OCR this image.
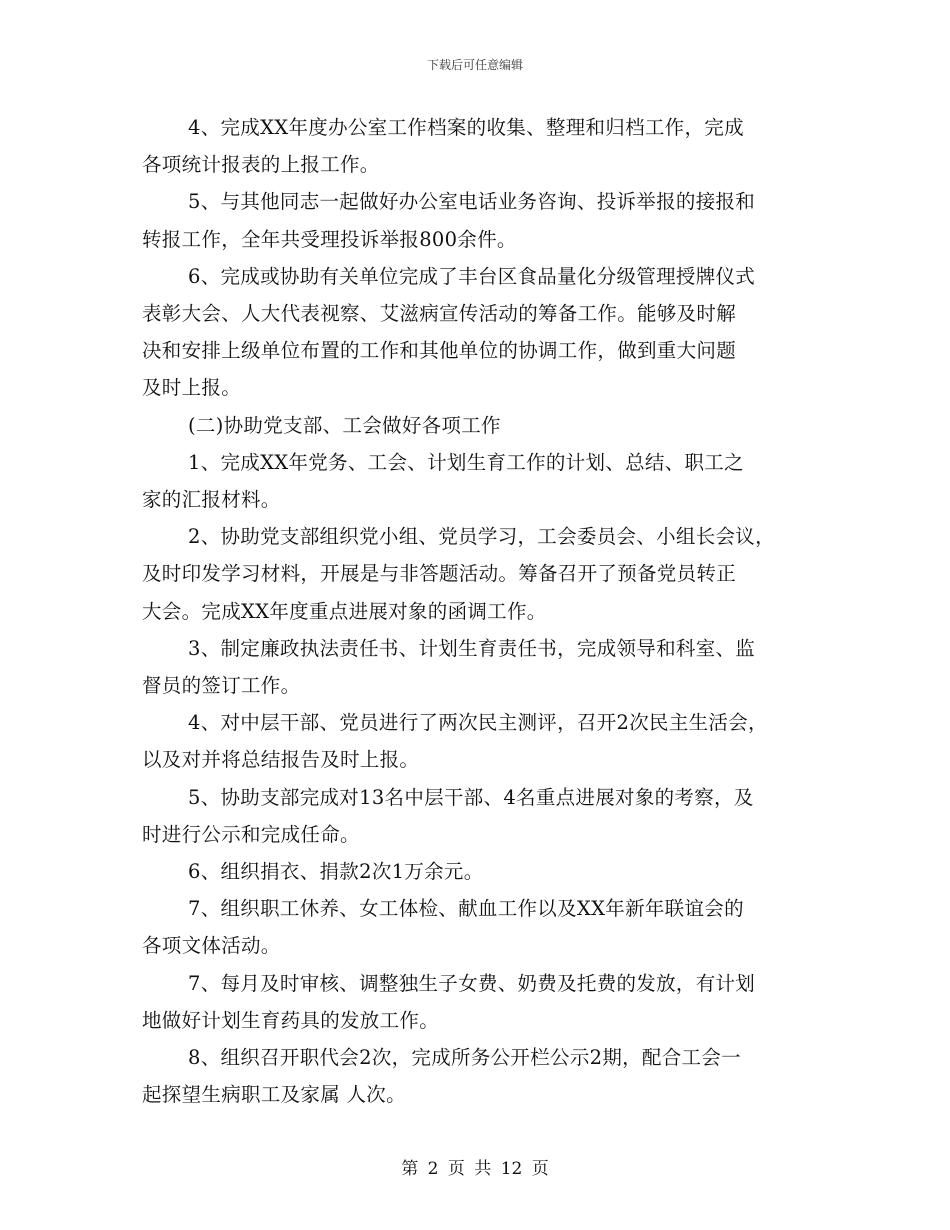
下载后可任意编辑
4、完成XX年度办公室工作档案的收集、整理和归档工作，完成
各项统计报表的上报工作。
5、与其他同志一起做好办公室电话业务咨询、投诉举报的接报和
转报工作，全年共受理投诉举报800余件。
6、完成或协助有关单位完成了丰台区食品量化分级管理授牌仪式
表彰大会、人大代表视察、艾滋病宣传活动的筹备工作。能够及时解
决和安排上级单位布置的工作和其他单位的协调工作，做到重大问题
及时上报。
(二)协助党支部、工会做好各项工作
1、完成XX年党务、工会、计划生育工作的计划、总结、职工之
家的汇报材料。
2、协助党支部组织党小组、党员学习，工会委员会、小组长会议，
及时印发学习材料，开展是与非答题活动。筹备召开了预备党员转正
大会。完成XX年度重点进展对象的函调工作。
3、制定廉政执法责任书、计划生育责任书，完成领导和科室、监
督员的签订工作。
4、对中层干部、党员进行了两次民主测评，召开2次民主生活会，
以及对并将总结报告及时上报。
5、协助支部完成对13名中层干部、4名重点进展对象的考察，及
时进行公示和完成任命。
6、组织捐衣、捐款2次1万余元。
7、组织职工休养、女工体检、献血工作以及XX年新年联谊会的
各项文体活动。
7、每月及时审核、调整独生子女费、奶费及托费的发放，有计划
地做好计划生育药具的发放工作。
8、组织召开职代会2次，完成所务公开栏公示2期，配合工会一
起探望生病职工及家属 人次。
第 2 页 共 12 页
